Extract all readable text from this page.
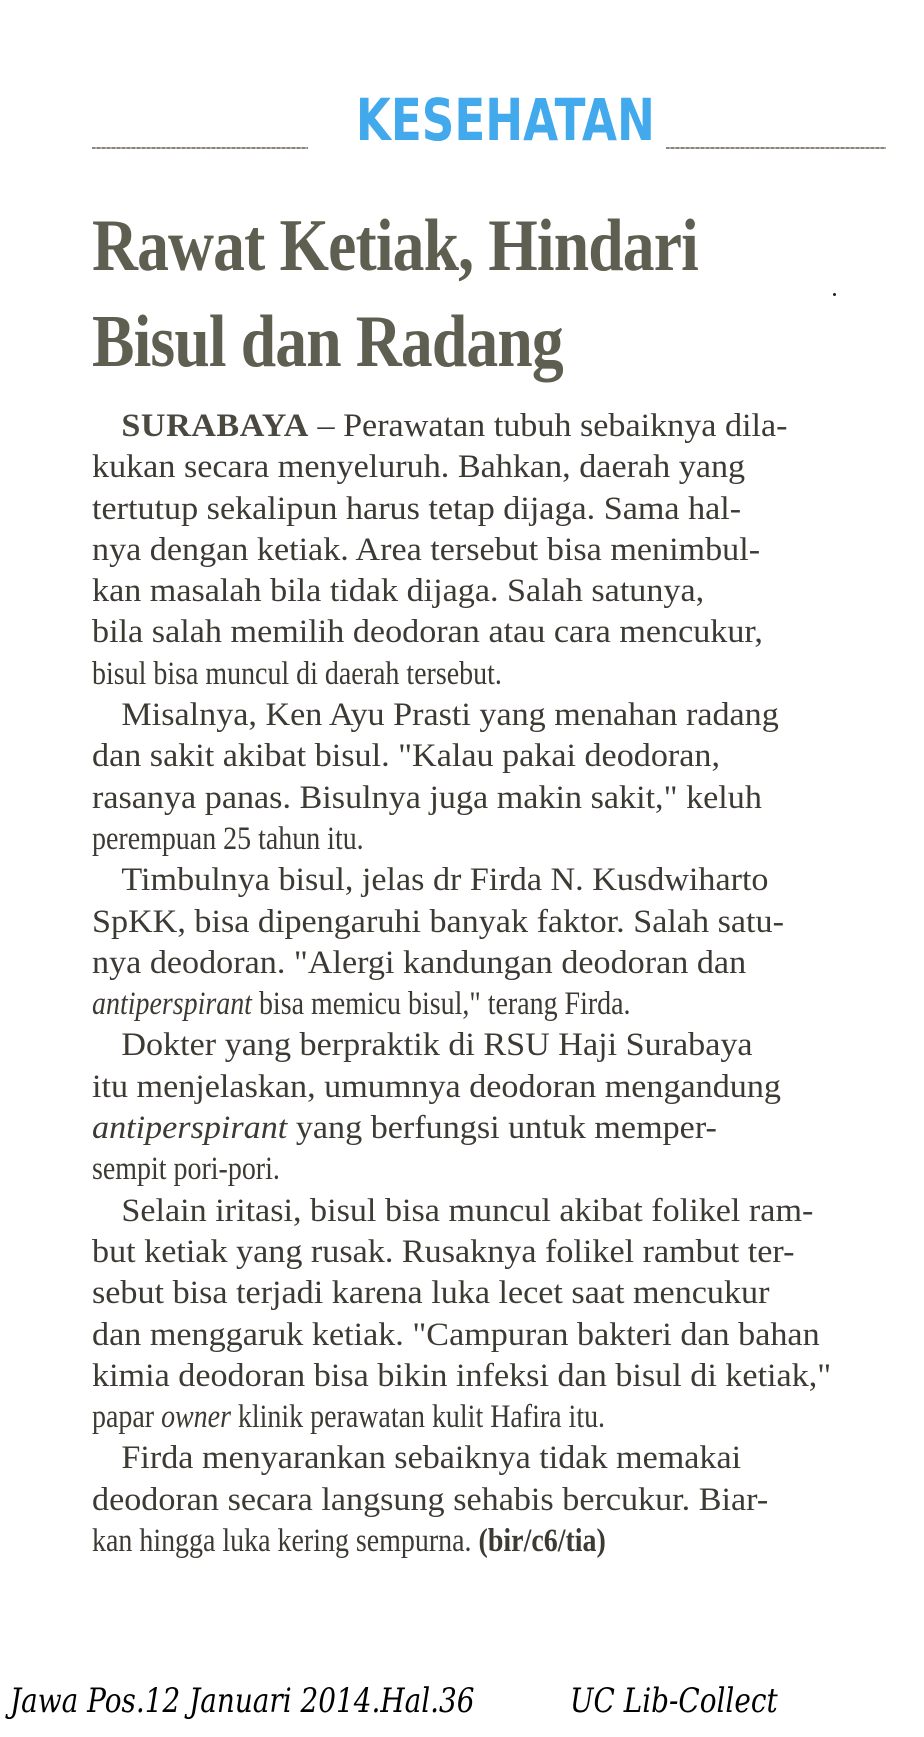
KESEHATAN
Rawat Ketiak, Hindari
Bisul dan Radang
SURABAYA – Perawatan tubuh sebaiknya dila-
kukan secara menyeluruh. Bahkan, daerah yang
tertutup sekalipun harus tetap dijaga. Sama hal-
nya dengan ketiak. Area tersebut bisa menimbul-
kan masalah bila tidak dijaga. Salah satunya,
bila salah memilih deodoran atau cara mencukur,
bisul bisa muncul di daerah tersebut.
Misalnya, Ken Ayu Prasti yang menahan radang
dan sakit akibat bisul. "Kalau pakai deodoran,
rasanya panas. Bisulnya juga makin sakit," keluh
perempuan 25 tahun itu.
Timbulnya bisul, jelas dr Firda N. Kusdwiharto
SpKK, bisa dipengaruhi banyak faktor. Salah satu-
nya deodoran. "Alergi kandungan deodoran dan
antiperspirant bisa memicu bisul," terang Firda.
Dokter yang berpraktik di RSU Haji Surabaya
itu menjelaskan, umumnya deodoran mengandung
antiperspirant yang berfungsi untuk memper-
sempit pori-pori.
Selain iritasi, bisul bisa muncul akibat folikel ram-
but ketiak yang rusak. Rusaknya folikel rambut ter-
sebut bisa terjadi karena luka lecet saat mencukur
dan menggaruk ketiak. "Campuran bakteri dan bahan
kimia deodoran bisa bikin infeksi dan bisul di ketiak,"
papar owner klinik perawatan kulit Hafira itu.
Firda menyarankan sebaiknya tidak memakai
deodoran secara langsung sehabis bercukur. Biar-
kan hingga luka kering sempurna. (bir/c6/tia)
Jawa Pos.12 Januari 2014.Hal.36	UC Lib-Collect
